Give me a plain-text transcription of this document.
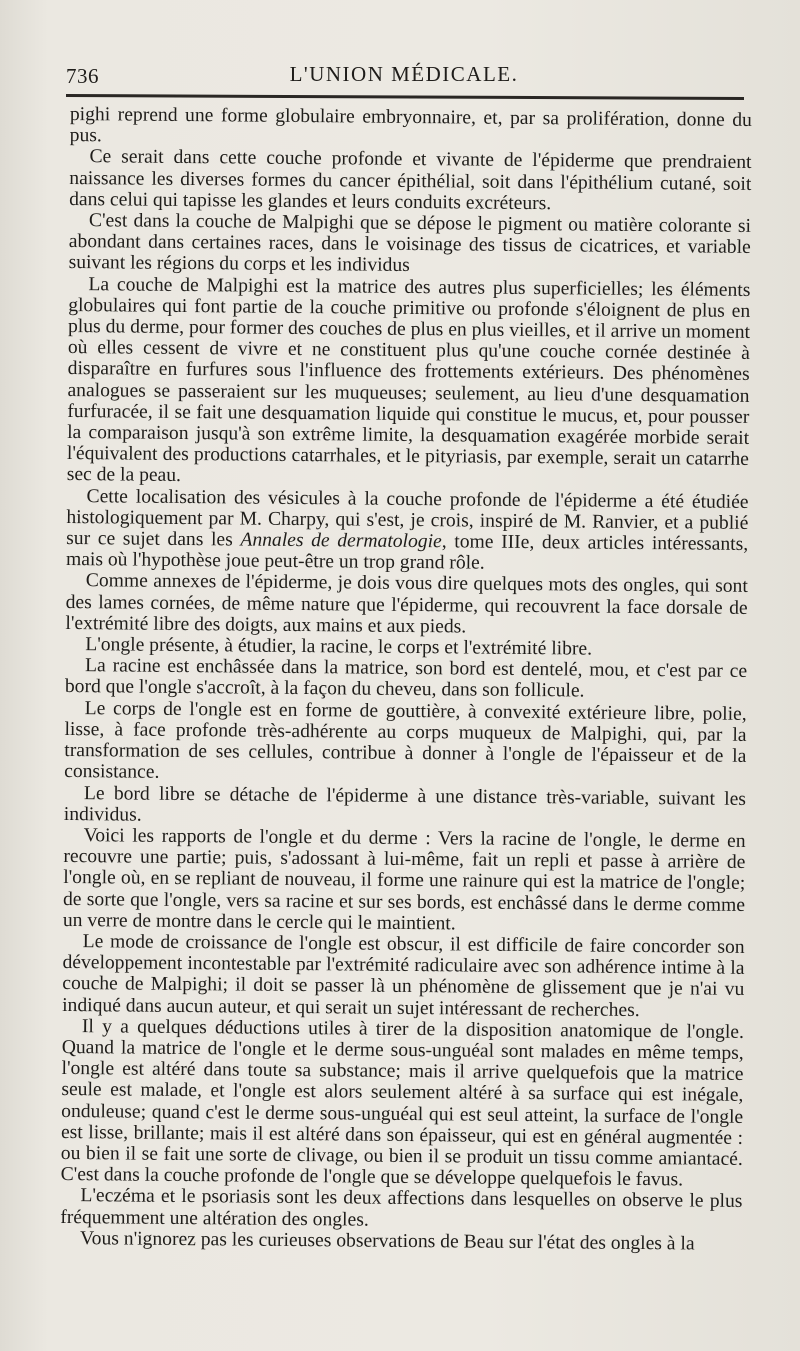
736	L'UNION MÉDICALE.

pighi reprend une forme globulaire embryonnaire, et, par sa prolifération, donne du pus.

Ce serait dans cette couche profonde et vivante de l'épiderme que prendraient naissance les diverses formes du cancer épithélial, soit dans l'épithélium cutané, soit dans celui qui tapisse les glandes et leurs conduits excréteurs.

C'est dans la couche de Malpighi que se dépose le pigment ou matière colorante si abondant dans certaines races, dans le voisinage des tissus de cicatrices, et variable suivant les régions du corps et les individus

La couche de Malpighi est la matrice des autres plus superficielles; les éléments globulaires qui font partie de la couche primitive ou profonde s'éloignent de plus en plus du derme, pour former des couches de plus en plus vieilles, et il arrive un moment où elles cessent de vivre et ne constituent plus qu'une couche cornée destinée à disparaître en furfures sous l'influence des frottements extérieurs. Des phénomènes analogues se passeraient sur les muqueuses; seulement, au lieu d'une desquamation furfuracée, il se fait une desquamation liquide qui constitue le mucus, et, pour pousser la comparaison jusqu'à son extrême limite, la desquamation exagérée morbide serait l'équivalent des productions catarrhales, et le pityriasis, par exemple, serait un catarrhe sec de la peau.

Cette localisation des vésicules à la couche profonde de l'épiderme a été étudiée histologiquement par M. Charpy, qui s'est, je crois, inspiré de M. Ranvier, et a publié sur ce sujet dans les Annales de dermatologie, tome IIIe, deux articles intéressants, mais où l'hypothèse joue peut-être un trop grand rôle.

Comme annexes de l'épiderme, je dois vous dire quelques mots des ongles, qui sont des lames cornées, de même nature que l'épiderme, qui recouvrent la face dorsale de l'extrémité libre des doigts, aux mains et aux pieds.

L'ongle présente, à étudier, la racine, le corps et l'extrémité libre.

La racine est enchâssée dans la matrice, son bord est dentelé, mou, et c'est par ce bord que l'ongle s'accroît, à la façon du cheveu, dans son follicule.

Le corps de l'ongle est en forme de gouttière, à convexité extérieure libre, polie, lisse, à face profonde très-adhérente au corps muqueux de Malpighi, qui, par la transformation de ses cellules, contribue à donner à l'ongle de l'épaisseur et de la consistance.

Le bord libre se détache de l'épiderme à une distance très-variable, suivant les individus.

Voici les rapports de l'ongle et du derme : Vers la racine de l'ongle, le derme en recouvre une partie; puis, s'adossant à lui-même, fait un repli et passe à arrière de l'ongle où, en se repliant de nouveau, il forme une rainure qui est la matrice de l'ongle; de sorte que l'ongle, vers sa racine et sur ses bords, est enchâssé dans le derme comme un verre de montre dans le cercle qui le maintient.

Le mode de croissance de l'ongle est obscur, il est difficile de faire concorder son développement incontestable par l'extrémité radiculaire avec son adhérence intime à la couche de Malpighi; il doit se passer là un phénomène de glissement que je n'ai vu indiqué dans aucun auteur, et qui serait un sujet intéressant de recherches.

Il y a quelques déductions utiles à tirer de la disposition anatomique de l'ongle. Quand la matrice de l'ongle et le derme sous-unguéal sont malades en même temps, l'ongle est altéré dans toute sa substance; mais il arrive quelquefois que la matrice seule est malade, et l'ongle est alors seulement altéré à sa surface qui est inégale, onduleuse; quand c'est le derme sous-unguéal qui est seul atteint, la surface de l'ongle est lisse, brillante; mais il est altéré dans son épaisseur, qui est en général augmentée : ou bien il se fait une sorte de clivage, ou bien il se produit un tissu comme amiantacé. C'est dans la couche profonde de l'ongle que se développe quelquefois le favus.

L'eczéma et le psoriasis sont les deux affections dans lesquelles on observe le plus fréquemment une altération des ongles.

Vous n'ignorez pas les curieuses observations de Beau sur l'état des ongles à la
